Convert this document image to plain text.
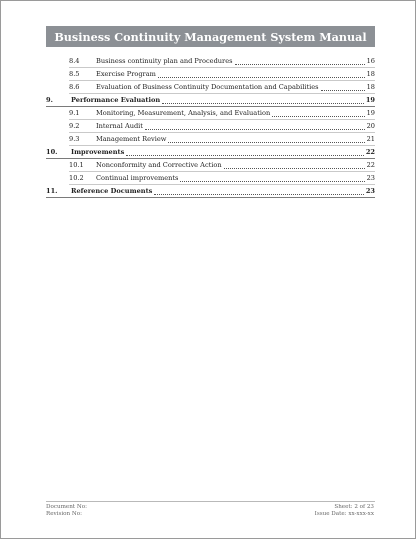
Business Continuity Management System Manual
8.4	Business continuity plan and Procedures	16
8.5	Exercise Program	18
8.6	Evaluation of Business Continuity Documentation and Capabilities	18
9.	Performance Evaluation	19
9.1	Monitoring, Measurement, Analysis, and Evaluation	19
9.2	Internal Audit	20
9.3	Management Review	21
10. Improvements	22
10.1 Nonconformity and Corrective Action	22
10.2 Continual improvements	23
11. Reference Documents	23
Document No:
Revision No:
Sheet: 2 of 23
Issue Date: xx-xxx-xx
